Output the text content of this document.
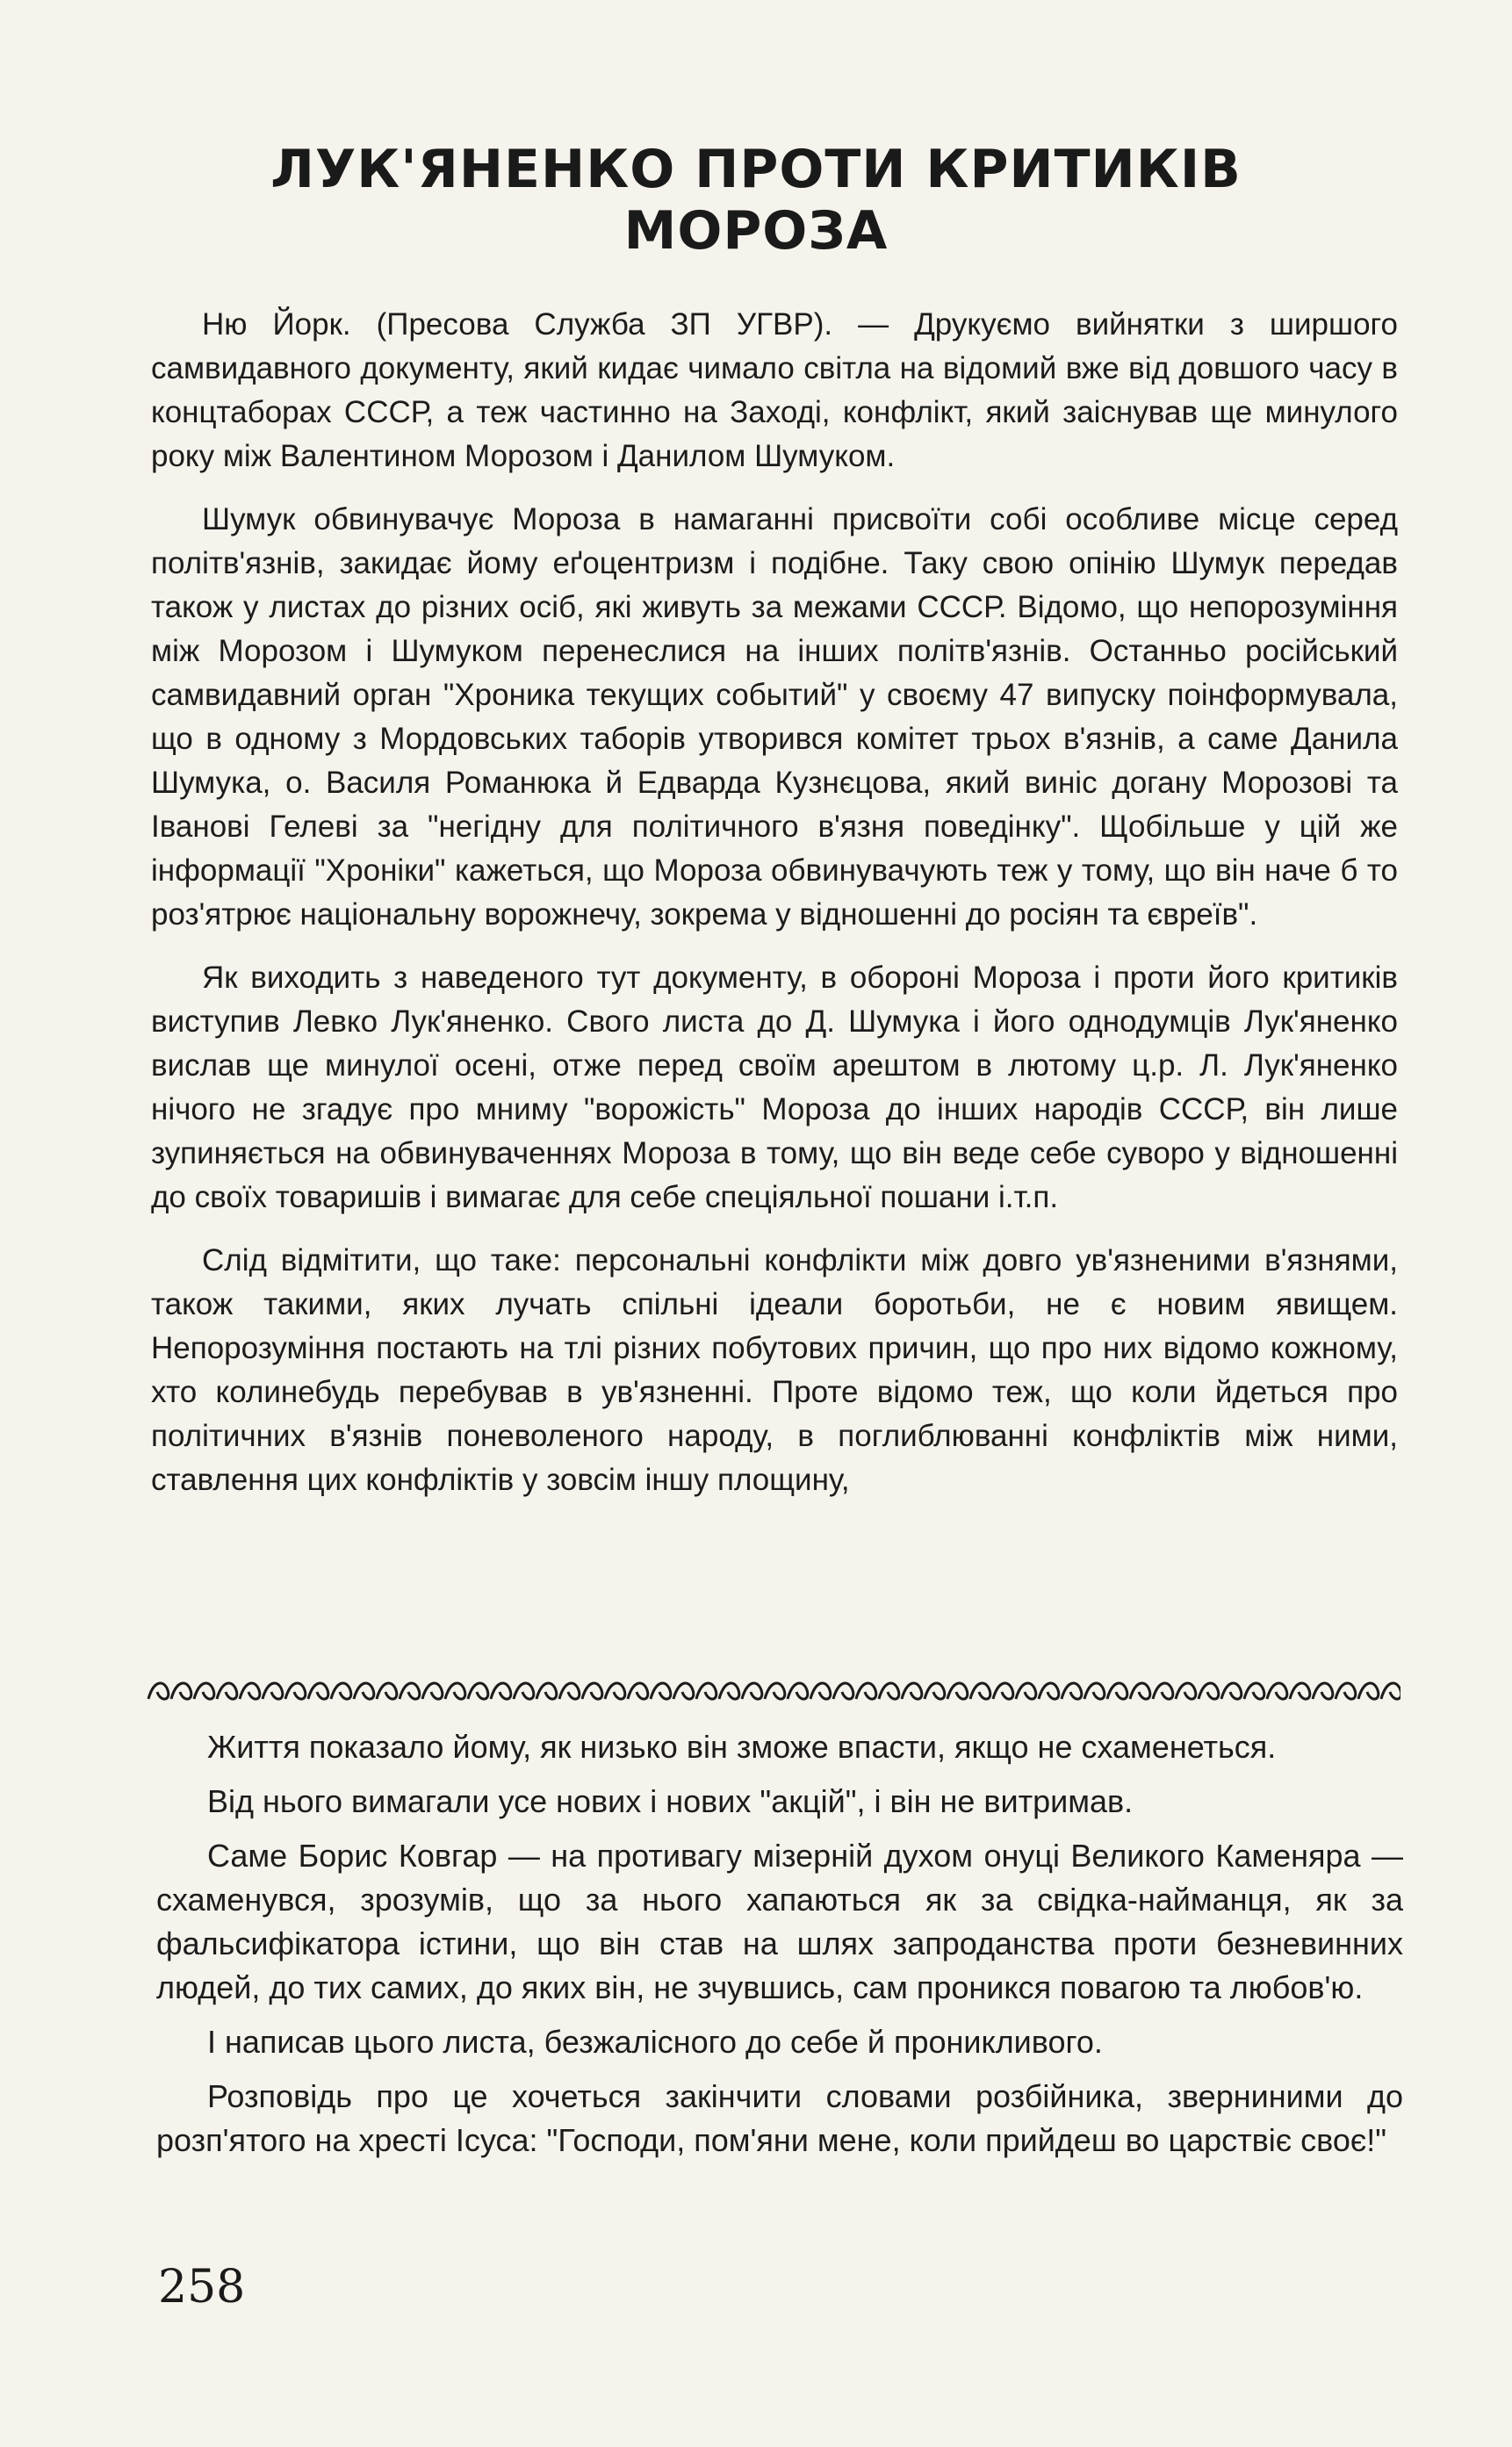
ЛУК'ЯНЕНКО ПРОТИ КРИТИКІВ МОРОЗА

Ню Йорк. (Пресова Служба ЗП УГВР). — Друкуємо вийнятки з ширшого самвидавного документу, який кидає чимало світла на відомий вже від довшого часу в концтаборах СССР, а теж частинно на Заході, конфлікт, який заіснував ще минулого року між Валентином Морозом і Данилом Шумуком.

Шумук обвинувачує Мороза в намаганні присвоїти собі особливе місце серед політв'язнів, закидає йому еґоцентризм і подібне. Таку свою опінію Шумук передав також у листах до різних осіб, які живуть за межами СССР. Відомо, що непорозуміння між Морозом і Шумуком перенеслися на інших політв'язнів. Останньо російський самвидавний орган "Хроника текущих событий" у своєму 47 випуску поінформувала, що в одному з Мордовських таборів утворився комітет трьох в'язнів, а саме Данила Шумука, о. Василя Романюка й Едварда Кузнєцова, який виніс догану Морозові та Іванові Гелеві за "негідну для політичного в'язня поведінку". Щобільше у цій же інформації "Хроніки" кажеться, що Мороза обвинувачують теж у тому, що він наче б то роз'ятрює національну ворожнечу, зокрема у відношенні до росіян та євреїв".

Як виходить з наведеного тут документу, в обороні Мороза і проти його критиків виступив Левко Лук'яненко. Свого листа до Д. Шумука і його однодумців Лук'яненко вислав ще минулої осені, отже перед своїм арештом в лютому ц.р. Л. Лук'яненко нічого не згадує про мниму "ворожість" Мороза до інших народів СССР, він лише зупиняється на обвинуваченнях Мороза в тому, що він веде себе суворо у відношенні до своїх товаришів і вимагає для себе спеціяльної пошани і.т.п.

Слід відмітити, що таке: персональні конфлікти між довго ув'язненими в'язнями, також такими, яких лучать спільні ідеали боротьби, не є новим явищем. Непорозуміння постають на тлі різних побутових причин, що про них відомо кожному, хто колинебудь перебував в ув'язненні. Проте відомо теж, що коли йдеться про політичних в'язнів поневоленого народу, в поглиблюванні конфліктів між ними, ставлення цих конфліктів у зовсім іншу площину,

Життя показало йому, як низько він зможе впасти, якщо не схаменеться.

Від нього вимагали усе нових і нових "акцій", і він не витримав.

Саме Борис Ковгар — на противагу мізерній духом онуці Великого Каменяра — схаменувся, зрозумів, що за нього хапаються як за свідка-найманця, як за фальсифікатора істини, що він став на шлях запроданства проти безневинних людей, до тих самих, до яких він, не зчувшись, сам проникся повагою та любов'ю.

І написав цього листа, безжалісного до себе й проникливого.

Розповідь про це хочеться закінчити словами розбійника, зверниними до розп'ятого на хресті Ісуса: "Господи, пом'яни мене, коли прийдеш во царствіє своє!"

258
